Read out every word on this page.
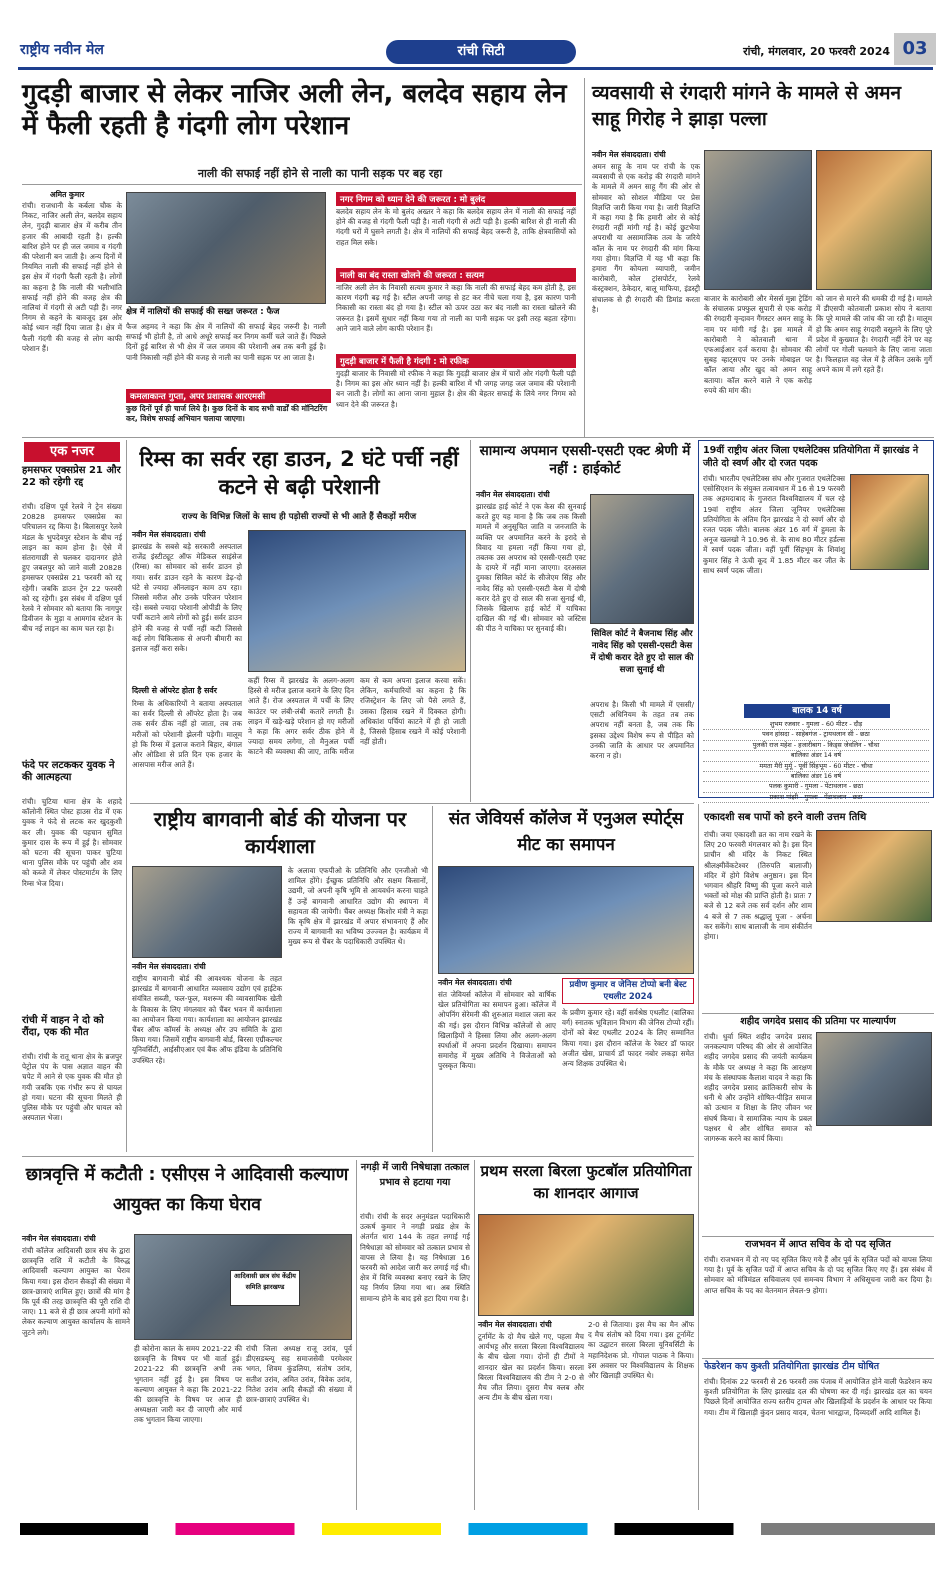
राष्ट्रीय नवीन मेल	रांची सिटी	रांची, मंगलवार, 20 फरवरी 2024 03
गुदड़ी बाजार से लेकर नाजिर अली लेन, बलदेव सहाय लेन में फैली रहती है गंदगी लोग परेशान
नाली की सफाई नहीं होने से नाली का पानी सड़क पर बह रहा
अमित कुमार
रांची। राजधानी के कर्बला चौक के निकट, नाजिर अली लेन, बलदेव सहाय लेन, गुदड़ी बाजार क्षेत्र में करीब तीन हजार की आबादी रहती है। हल्की बारिश होने पर ही जल जमाव व गंदगी की परेशानी बन जाती है। अन्य दिनों में नियमित नाली की सफाई नहीं होने से इस क्षेत्र में गंदगी फैली रहती है। लोगों का कहना है कि नाली की भलीभांति सफाई नहीं होने की वजह क्षेत्र की नालियां में गंदगी से अटी पड़ी हैं। नगर निगम से कहने के बावजूद इस ओर कोई ध्यान नहीं दिया जाता है। क्षेत्र में फैली गंदगी की वजह से लोग काफी परेशान हैं।
क्षेत्र में नालियों की सफाई की सख्त जरूरत : फैज
फैज अहमद ने कहा कि क्षेत्र में नालियों की सफाई बेहद जरूरी है। नाली सफाई भी होती है, तो आधे अधूरे सफाई कर निगम कर्मी चले जाते हैं। पिछले दिनों हुई बारिश से भी क्षेत्र में जल जमाव की परेशानी अब तक बनी हुई है। पानी निकासी नहीं होने की वजह से नाली का पानी सड़क पर आ जाता है।
नगर निगम को ध्यान देने की जरूरत : मो बुलंद
बलदेव सहाय लेन के मो बुलंद अख्तर ने कहा कि बलदेव सहाय लेन में नाली की सफाई नहीं होने की वजह से गंदगी फैली पड़ी है। नाली गंदगी से अटी पड़ी है। हल्की बारिश से ही नाली की गंदगी घरों में घुसने लगती है। क्षेत्र में नालियों की सफाई बेहद जरूरी है, ताकि क्षेत्रवासियों को राहत मिल सके।
नाली का बंद रास्ता खोलने की जरूरत : सत्यम
नाजिर अली लेन के निवासी सत्यम कुमार ने कहा कि नाली की सफाई बेहद कम होती है, इस कारण गंदगी बढ़ गई है। स्टील अपनी जगह से हट कर नीचे चला गया है, इस कारण पानी निकासी का रास्ता बंद हो गया है। स्टील को ऊपर उठा कर बंद नाली का रास्ता खोलने की जरूरत है। इसमें सुधार नहीं किया गया तो नाली का पानी सड़क पर इसी तरह बहता रहेगा। आने जाने वाले लोग काफी परेशान हैं।
गुदड़ी बाजार में फैली है गंदगी : मो रफीक
गुदड़ी बाजार के निवासी मो रफीक ने कहा कि गुदड़ी बाजार क्षेत्र में चारों ओर गंदगी फैली पड़ी है। निगम का इस ओर ध्यान नहीं है। हल्की बारिश में भी जगह जगह जल जमाव की परेशानी बन जाती है। लोगों का आना जाना मुहाल है। क्षेत्र की बेहतर सफाई के लिये नगर निगम को ध्यान देने की जरूरत है।
कमलाकान्त गुप्ता, अपर प्रशासक आरएमसी
कुछ दिनों पूर्व ही चार्ज लिये है। कुछ दिनों के बाद सभी वार्डों की मॉनिटरिंग कर, विशेष सफाई अभियान चलाया जाएगा।
व्यवसायी से रंगदारी मांगने के मामले से अमन साहू गिरोह ने झाड़ा पल्ला
नवीन मेल संवाददाता। रांची
अमन साहू के नाम पर रांची के एक व्यवसायी से एक करोड़ की रंगदारी मांगने के मामले में अमन साहू गैंग की ओर से सोमवार को सोशल मीडिया पर प्रेस विज्ञप्ति जारी किया गया है। जारी विज्ञप्ति में कहा गया है कि हमारी ओर से कोई रंगदारी नहीं मांगी गई है। कोई छुटभैया अपराधी या असामाजिक तत्व के जरिये कॉल के नाम पर रंगदारी की मांग किया गया होगा। विज्ञप्ति में यह भी कहा कि हमारा गैंग कोयला व्यापारी, जमीन कारोबारी, कोल ट्रांसपोर्टर, रेलवे कंस्ट्रक्शन, ठेकेदार, बालू माफिया, इंडस्ट्री संचालक से ही रंगदारी की डिमांड करता है।
बाजार के कारोबारी और मेसर्स मुन्ना ट्रेडिंग के संचालक प्रफ्फुल सुपारी से एक करोड़ की रंगदारी वृन्दावन गैंगस्टर अमन साहू के नाम पर मांगी गई है। इस मामले में कारोबारी ने कोतवाली थाना में एफआईआर दर्ज कराया है। सोमवार की सुबह व्हाट्सएप पर उनके मोबाइल पर कॉल आया और खुद को अमन साहू बताया। कॉल करने वाले ने एक करोड़ रुपये की मांग की।
को जान से मारने की धमकी दी गई है। मामले में डीएसपी कोतवाली प्रकाश सोय ने बताया कि पूरे मामले की जांच की जा रही है। मालूम हो कि अमन साहू रंगदारी वसूलने के लिए पूरे प्रदेश में कुख्यात है। रंगदारी नहीं देने पर वह लोगों पर गोली चलवाने के लिए जाना जाता है। फिलहाल वह जेल में है लेकिन उसके गुर्गे अपने काम में लगे रहते हैं।
एक नजर
हमसफर एक्सप्रेस 21 और 22 को रहेगी रद्द
रांची। दक्षिण पूर्व रेलवे ने ट्रेन संख्या 20828 हमसफर एक्सप्रेस का परिचालन रद्द किया है। बिलासपुर रेलवे मंडल के भुपदेवपुर स्टेशन के बीच नई लाइन का काम होना है। ऐसे में संतरागाछी से चलकर दादानगर होते हुए जबलपुर को जाने वाली 20828 हमसफर एक्सप्रेस 21 फरवरी को रद्द रहेगी। जबकि डाउन ट्रेन 22 फरवरी को रद्द रहेगी। इस संबंध में दक्षिण पूर्व रेलवे ने सोमवार को बताया कि नागपुर डिवीजन के मुड़ा व आमगांव स्टेशन के बीच नई लाइन का काम चल रहा है।
फंदे पर लटककर युवक ने की आत्महत्या
रांची। चुटिया थाना क्षेत्र के शहादे कॉलोनी स्थित पोस्ट हाउस रोड में एक युवक ने फंदे से लटक कर खुदकुशी कर ली। युवक की पहचान सुमित कुमार दास के रूप में हुई है। सोमवार को घटना की सूचना पाकर चुटिया थाना पुलिस मौके पर पहुंची और शव को कब्जे में लेकर पोस्टमार्टम के लिए रिम्स भेज दिया।
रांची में वाहन ने दो को रौंदा, एक की मौत
रांची। रांची के रातू थाना क्षेत्र के ब्रजपुर पेट्रोल पंप के पास अज्ञात वाहन की चपेट में आने से एक युवक की मौत हो गयी जबकि एक गंभीर रूप से घायल हो गया। घटना की सूचना मिलते ही पुलिस मौके पर पहुंची और घायल को अस्पताल भेजा।
रिम्स का सर्वर रहा डाउन, 2 घंटे पर्ची नहीं कटने से बढ़ी परेशानी
राज्य के विभिन्न जिलों के साथ ही पड़ोसी राज्यों से भी आते हैं सैकड़ों मरीज
नवीन मेल संवाददाता। रांची
झारखंड के सबसे बड़े सरकारी अस्पताल राजेंद्र इंस्टीट्यूट ऑफ मेडिकल साइंसेज (रिम्स) का सोमवार को सर्वर डाउन हो गया। सर्वर डाउन रहने के कारण डेढ़-दो घंटे से ज्यादा ऑनलाइन काम ठप रहा। जिससे मरीज और उनके परिजन परेशान रहे। सबसे ज्यादा परेशानी ओपीडी के लिए पर्ची कटाने आये लोगों को हुई। सर्वर डाउन होने की वजह से पर्ची नहीं कटी जिससे कई लोग चिकित्सक से अपनी बीमारी का इलाज नहीं करा सके।
दिल्ली से ऑपरेट होता है सर्वर
रिम्स के अधिकारियों ने बताया अस्पताल का सर्वर दिल्ली से ऑपरेट होता है। जब तक सर्वर ठीक नहीं हो जाता, तब तक मरीजों को परेशानी झेलनी पड़ेगी। मालूम हो कि रिम्स में इलाज कराने बिहार, बंगाल और ओडिशा से प्रति दिन एक हजार के आसपास मरीज आते हैं।
कहीं रिम्स में झारखंड के अलग-अलग हिस्से से मरीज इलाज कराने के लिए दिन आते हैं। रोज अस्पताल में पर्ची के लिए काउंटर पर लंबी-लंबी कतारें लगती हैं। लाइन में खड़े-खड़े परेशान हो गए मरीजों ने कहा कि अगर सर्वर ठीक होने में ज्यादा समय लगेगा, तो मैनुअल पर्ची काटने की व्यवस्था की जाए, ताकि मरीज कम से कम अपना इलाज करवा सकें। लेकिन, कर्मचारियों का कहना है कि रजिस्ट्रेशन के लिए जो पैसे लगते हैं, उसका हिसाब रखने में दिक्कत होगी। अधिकांश पर्चियां काटने में ही हो जाती है, जिससे हिसाब रखने में कोई परेशानी नहीं होती।
सामान्य अपमान एससी-एसटी एक्ट श्रेणी में नहीं : हाईकोर्ट
नवीन मेल संवाददाता। रांची
झारखंड हाई कोर्ट ने एक केस की सुनवाई करते हुए यह माना है कि जब तक किसी मामले में अनुसूचित जाति व जनजाति के व्यक्ति पर अपमानित करने के इरादे से विवाद या हमला नहीं किया गया हो, तबतक उस अपराध को एससी-एसटी एक्ट के दायरे में नहीं माना जाएगा। दरअसल दुमका सिविल कोर्ट के सीजेएम सिंह और नावेद सिंह को एससी-एसटी केस में दोषी करार देते हुए दो साल की सजा सुनाई थी, जिसके खिलाफ हाई कोर्ट में याचिका दाखिल की गई थी। सोमवार को जस्टिस की पीठ ने याचिका पर सुनवाई की।
सिविल कोर्ट ने बैजनाथ सिंह और नावेद सिंह को एससी-एसटी केस में दोषी करार देते हुए दो साल की सजा सुनाई थी
अपराध है। किसी भी मामले में एससी/एसटी अधिनियम के तहत तब तक अपराध नहीं बनता है, जब तक कि इसका उद्देश्य विशेष रूप से पीड़ित को उनकी जाति के आधार पर अपमानित करना न हो।
19वीं राष्ट्रीय अंतर जिला एथलेटिक्स प्रतियोगिता में झारखंड ने जीते दो स्वर्ण और दो रजत पदक
रांची। भारतीय एथलेटिक्स संघ और गुजरात एथलेटिक्स एसोसिएशन के संयुक्त तत्वावधान में 16 से 19 फरवरी तक अहमदाबाद के गुजरात विश्वविद्यालय में चल रहे 19वां राष्ट्रीय अंतर जिला जूनियर एथलेटिक्स प्रतियोगिता के अंतिम दिन झारखंड ने दो स्वर्ण और दो रजत पदक जीते। बालक अंडर 16 वर्ग में हुमला के अनूज खलखो ने 10.96 से. के साथ 80 मीटर हर्डल्स में स्वर्ण पदक जीता। वहीं पूर्वी सिंहभूम के शिवांशु कुमार सिंह ने ऊंची कूद में 1.85 मीटर कर जीत के साथ स्वर्ण पदक जीता।
बालक 14 वर्ष
शुभम रजवार - गुमला - 60 मीटर - दौड़
पवन हांसदा - साहेबगंज - ट्रायथलान सी - छठा
पुलकी राज महेश - हजारीबाग - किड्स जेवलिन - चौथा
बालिका अंडर 14 वर्ष
ममता मैरी मुर्मू - पूर्वी सिंहभूम - 60 मीटर - चौथा
बालिका अंडर 16 वर्ष
पलक कुमारी - गुमला - पेंटाथलान - छठा
प्रकाश मांझी - गुमला - पेंटाथलान - छठा
राष्ट्रीय बागवानी बोर्ड की योजना पर कार्यशाला
नवीन मेल संवाददाता। रांची
राष्ट्रीय बागवानी बोर्ड की आवश्यक योजना के तहत झारखंड में बागवानी आधारित व्यवसाय उद्योग एवं हाईटेक संयंत्रित सब्जी, फल-फूल, मशरूम की व्यावसायिक खेती के विकास के लिए मंगलवार को चैंबर भवन में कार्यशाला का आयोजन किया गया। कार्यशाला का आयोजन झारखंड चैंबर ऑफ कॉमर्स के अध्यक्ष और उप समिति के द्वारा किया गया। जिसमें राष्ट्रीय बागवानी बोर्ड, बिरसा एग्रीकल्चर यूनिवर्सिटी, आईसीएआर एवं बैंक ऑफ इंडिया के प्रतिनिधि उपस्थित रहे।
के अलावा एफपीओ के प्रतिनिधि और एनजीओ भी शामिल होंगे। ईच्छुक प्रतिनिधि और सक्षम किसानों, उद्यमी, जो अपनी कृषि भूमि से आयवर्धन करना चाहते हैं उन्हें बागवानी आधारित उद्योग की स्थापना में सहायता की जायेगी। चैंबर अध्यक्ष किशोर मंत्री ने कहा कि कृषि क्षेत्र में झारखंड में अपार संभावनाएं हैं और राज्य में बागवानी का भविष्य उज्ज्वल है। कार्यक्रम में मुख्य रूप से चैंबर के पदाधिकारी उपस्थित थे।
संत जेवियर्स कॉलेज में एनुअल स्पोर्ट्स मीट का समापन
नवीन मेल संवाददाता। रांची
संत जेवियर्स कॉलेज में सोमवार को वार्षिक खेल प्रतियोगिता का समापन हुआ। कॉलेज में ओपनिंग सेरेमनी की शुरुआत मशाल जला कर की गई। इस दौरान विभिन्न कॉलेजों से आए खिलाड़ियों ने हिस्सा लिया और अलग-अलग स्पर्धाओं में अपना प्रदर्शन दिखाया। समापन समारोह में मुख्य अतिथि ने विजेताओं को पुरस्कृत किया।
प्रवीण कुमार व जेनिस टोप्पो बनी बेस्ट एथलीट 2024
के प्रवीण कुमार रहे। वहीं सर्वश्रेष्ठ एथलीट (बालिका वर्ग) स्नातक भूविज्ञान विभाग की जेनिस टोप्पो रहीं। दोनों को बेस्ट एथलीट 2024 के लिए सम्मानित किया गया। इस दौरान कॉलेज के रेक्टर डॉ फादर अजीत खेस, प्राचार्य डॉ फादर नबोर लकड़ा समेत अन्य शिक्षक उपस्थित थे।
एकादशी सब पापों को हरने वाली उत्तम तिथि
रांची। जया एकादशी व्रत का नाम रखने के लिए 20 फरवरी मंगलवार को है। इस दिन प्राचीन श्री मंदिर के निकट स्थित श्रीलक्ष्मीवेंकटेश्वर (तिरुपति बालाजी) मंदिर में होगे विशेष अनुष्ठान। इस दिन भगवान श्रीहरि विष्णु की पूजा करने वाले भक्तों को मोक्ष की प्राप्ति होती है। प्रातः 7 बजे से 12 बजे तक सर्व दर्शन और शाम 4 बजे से 7 तक श्रद्धालु पूजा - अर्चना कर सकेंगे। साथ बालाजी के नाम संकीर्तन होगा।
शहीद जगदेव प्रसाद की प्रतिमा पर माल्यार्पण
रांची। धुर्वा स्थित शहीद जगदेव प्रसाद जनकल्याण परिषद की ओर से आयोजित शहीद जगदेव प्रसाद की जयंती कार्यक्रम के मौके पर अध्यक्ष ने कहा कि आरक्षण मंच के संस्थापक कैलाश यादव ने कहा कि शहीद जगदेव प्रसाद क्रांतिकारी सोच के धनी थे और उन्होंने शोषित-पीड़ित समाज को उत्थान व शिक्षा के लिए जीवन भर संघर्ष किया। वे सामाजिक न्याय के प्रबल पक्षधर थे और शोषित समाज को जागरूक करने का कार्य किया।
राजभवन में आप्त सचिव के दो पद सृजित
रांची। राजभवन में दो नए पद सृजित किए गये हैं और पूर्व के सृजित पदों को वापस लिया गया है। पूर्व के सृजित पदों में आप्त सचिव के दो पद सृजित किए गए हैं। इस संबंध में सोमवार को मंत्रिमंडल सचिवालय एवं समन्वय विभाग ने अधिसूचना जारी कर दिया है। आप्त सचिव के पद का वेतनमान लेवल-9 होगा।
फेडरेशन कप कुश्ती प्रतियोगिता झारखंड टीम घोषित
रांची। दिनांक 22 फरवरी से 26 फरवरी तक पंजाब में आयोजित होने वाली फेडरेशन कप कुश्ती प्रतियोगिता के लिए झारखंड दल की घोषणा कर दी गई। झारखंड दल का चयन पिछले दिनों आयोजित राज्य स्तरीय ट्रायल और खिलाड़ियों के प्रदर्शन के आधार पर किया गया। टीम में खिलाड़ी कुंदन प्रसाद यादव, चेतना भारद्वाज, दिव्यदर्शी आदि शामिल हैं।
छात्रवृत्ति में कटौती : एसीएस ने आदिवासी कल्याण आयुक्त का किया घेराव
नवीन मेल संवाददाता। रांची
रांची कॉलेज आदिवासी छात्र संघ के द्वारा छात्रवृत्ति राशि में कटौती के विरुद्ध आदिवासी कल्याण आयुक्त का घेराव किया गया। इस दौरान सैकड़ों की संख्या में छात्र-छात्राएं शामिल हुए। छात्रों की मांग है कि पूर्व की तरह छात्रवृत्ति की पूरी राशि दी जाए। 11 बजे से ही छात्र अपनी मांगों को लेकर कल्याण आयुक्त कार्यालय के सामने जुटने लगे।
आदिवासी छात्र संघ केंद्रीय समिति झारखण्ड
ही कोरोना काल के समय 2021-22 की छात्रवृत्ति के विषय पर भी वार्ता हुई। 2021-22 की छात्रवृत्ति अभी तक भुगतान नहीं हुई है। इस विषय पर कल्याण आयुक्त ने कहा कि 2021-22 की छात्रवृत्ति के विषय पर आज ही अध्यक्षता जारी कर दी जाएगी और मार्च तक भुगतान किया जाएगा।
रांची जिला अध्यक्ष राजू उरांव, पूर्व डीएसडब्ल्यू सह समाजसेवी परमेश्वर भगत, शिवम कुंडलिया, संतोष उरांव, सतीश उरांव, अमित उरांव, विवेक उरांव, नितेश उरांव आदि सैकड़ों की संख्या में छात्र-छात्राएं उपस्थित थे।
नगड़ी में जारी निषेधाज्ञा तत्काल प्रभाव से हटाया गया
रांची। रांची के सदर अनुमंडल पदाधिकारी उत्कर्ष कुमार ने नगड़ी प्रखंड क्षेत्र के अंतर्गत धारा 144 के तहत लगाई गई निषेधाज्ञा को सोमवार को तत्काल प्रभाव से वापस ले लिया है। यह निषेधाज्ञा 16 फरवरी को आदेश जारी कर लगाई गई थी। क्षेत्र में विधि व्यवस्था बनाए रखने के लिए यह निर्णय लिया गया था। अब स्थिति सामान्य होने के बाद इसे हटा दिया गया है।
प्रथम सरला बिरला फुटबॉल प्रतियोगिता का शानदार आगाज
नवीन मेल संवाददाता। रांची
टूर्नामेंट के दो मैच खेले गए, पहला मैच आर्यभट्ट और सरला बिरला विश्वविद्यालय के बीच खेला गया। दोनों ही टीमों ने शानदार खेल का प्रदर्शन किया। सरला बिरला विश्वविद्यालय की टीम ने 2-0 से मैच जीत लिया। दूसरा मैच क्लब और अन्य टीम के बीच खेला गया।
2-0 से जिताया। इस मैच का मैन ऑफ द मैच संतोष को दिया गया। इस टूर्नामेंट का उद्घाटन सरला बिरला यूनिवर्सिटी के महानिदेशक प्रो. गोपाल पाठक ने किया। इस अवसर पर विश्वविद्यालय के शिक्षक और खिलाड़ी उपस्थित थे।
